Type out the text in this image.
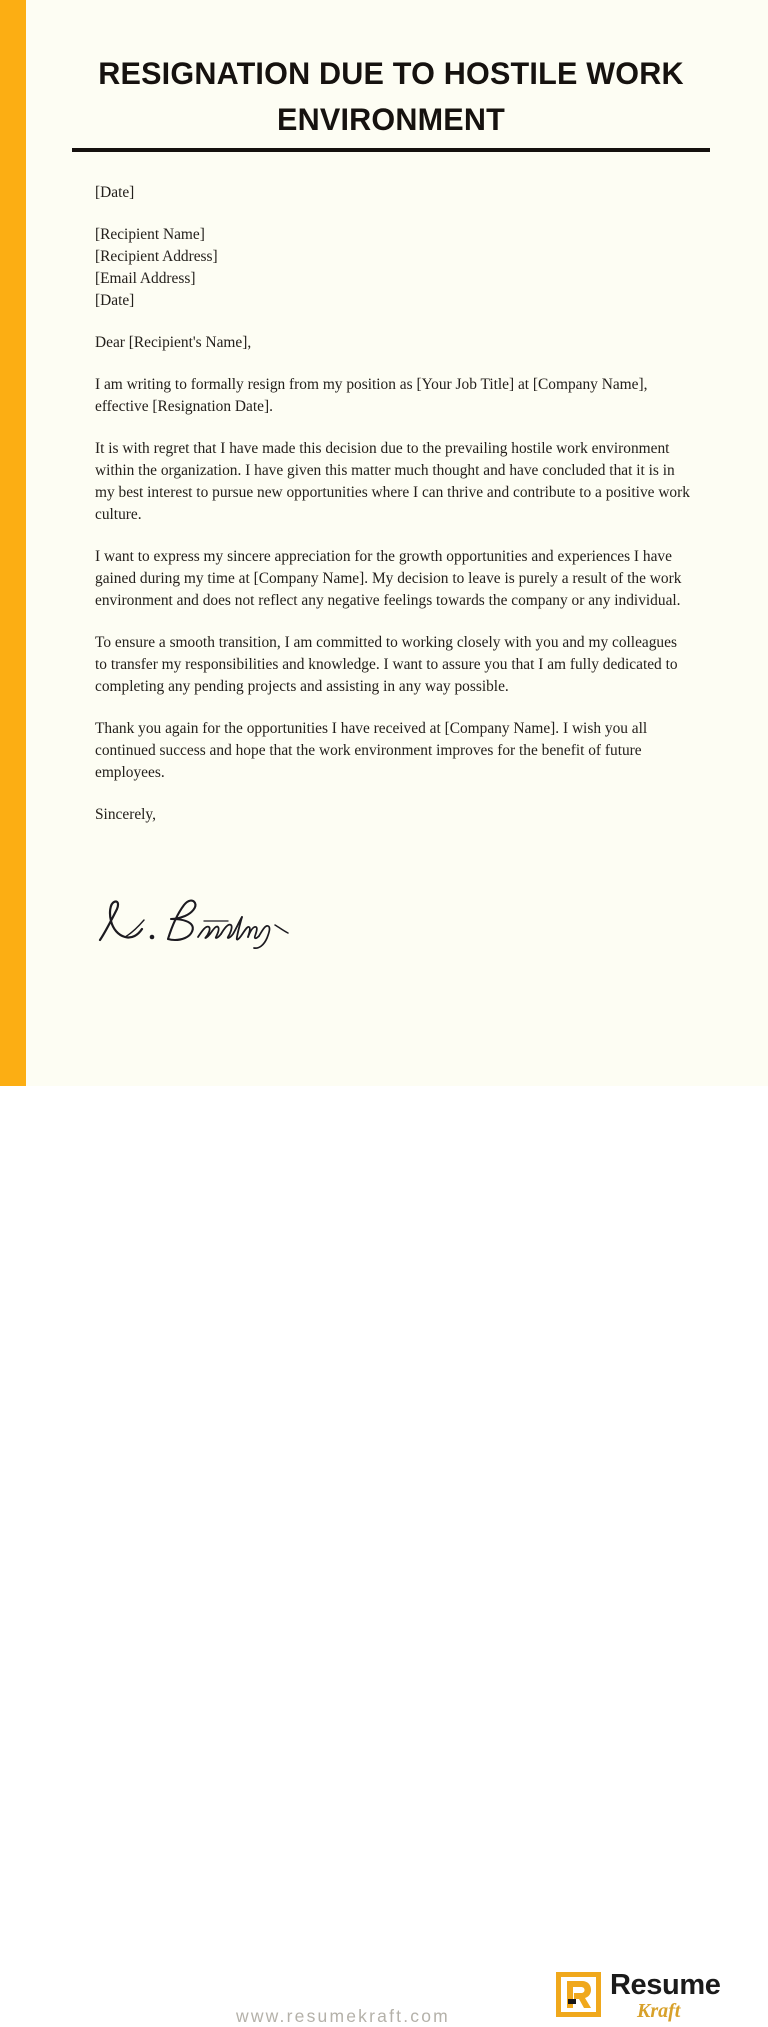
RESIGNATION DUE TO HOSTILE WORK ENVIRONMENT
[Date]
[Recipient Name]
[Recipient Address]
[Email Address]
[Date]
Dear [Recipient's Name],

I am writing to formally resign from my position as [Your Job Title] at [Company Name], effective [Resignation Date].

It is with regret that I have made this decision due to the prevailing hostile work environment within the organization. I have given this matter much thought and have concluded that it is in my best interest to pursue new opportunities where I can thrive and contribute to a positive work culture.

I want to express my sincere appreciation for the growth opportunities and experiences I have gained during my time at [Company Name]. My decision to leave is purely a result of the work environment and does not reflect any negative feelings towards the company or any individual.

To ensure a smooth transition, I am committed to working closely with you and my colleagues to transfer my responsibilities and knowledge. I want to assure you that I am fully dedicated to completing any pending projects and assisting in any way possible.

Thank you again for the opportunities I have received at [Company Name]. I wish you all continued success and hope that the work environment improves for the benefit of future employees.

Sincerely,
www.resumekraft.com
Resume
Kraft
